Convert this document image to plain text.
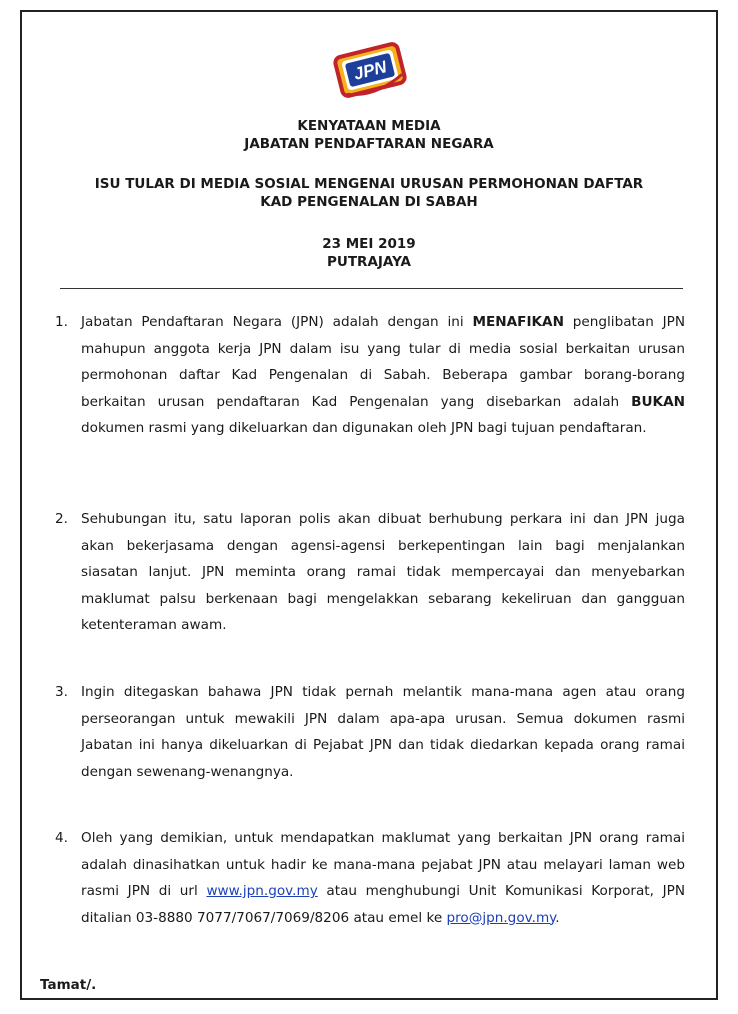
JPN
KENYATAAN MEDIA
JABATAN PENDAFTARAN NEGARA
ISU TULAR DI MEDIA SOSIAL MENGENAI URUSAN PERMOHONAN DAFTAR
KAD PENGENALAN DI SABAH
23 MEI 2019
PUTRAJAYA
1. Jabatan Pendaftaran Negara (JPN) adalah dengan ini MENAFIKAN penglibatan JPN mahupun anggota kerja JPN dalam isu yang tular di media sosial berkaitan urusan permohonan daftar Kad Pengenalan di Sabah. Beberapa gambar borang-borang berkaitan urusan pendaftaran Kad Pengenalan yang disebarkan adalah BUKAN dokumen rasmi yang dikeluarkan dan digunakan oleh JPN bagi tujuan pendaftaran.
2. Sehubungan itu, satu laporan polis akan dibuat berhubung perkara ini dan JPN juga akan bekerjasama dengan agensi-agensi berkepentingan lain bagi menjalankan siasatan lanjut. JPN meminta orang ramai tidak mempercayai dan menyebarkan maklumat palsu berkenaan bagi mengelakkan sebarang kekeliruan dan gangguan ketenteraman awam.
3. Ingin ditegaskan bahawa JPN tidak pernah melantik mana-mana agen atau orang perseorangan untuk mewakili JPN dalam apa-apa urusan. Semua dokumen rasmi Jabatan ini hanya dikeluarkan di Pejabat JPN dan tidak diedarkan kepada orang ramai dengan sewenang-wenangnya.
4. Oleh yang demikian, untuk mendapatkan maklumat yang berkaitan JPN orang ramai adalah dinasihatkan untuk hadir ke mana-mana pejabat JPN atau melayari laman web rasmi JPN di url www.jpn.gov.my atau menghubungi Unit Komunikasi Korporat, JPN ditalian 03-8880 7077/7067/7069/8206 atau emel ke pro@jpn.gov.my.
Tamat/.
